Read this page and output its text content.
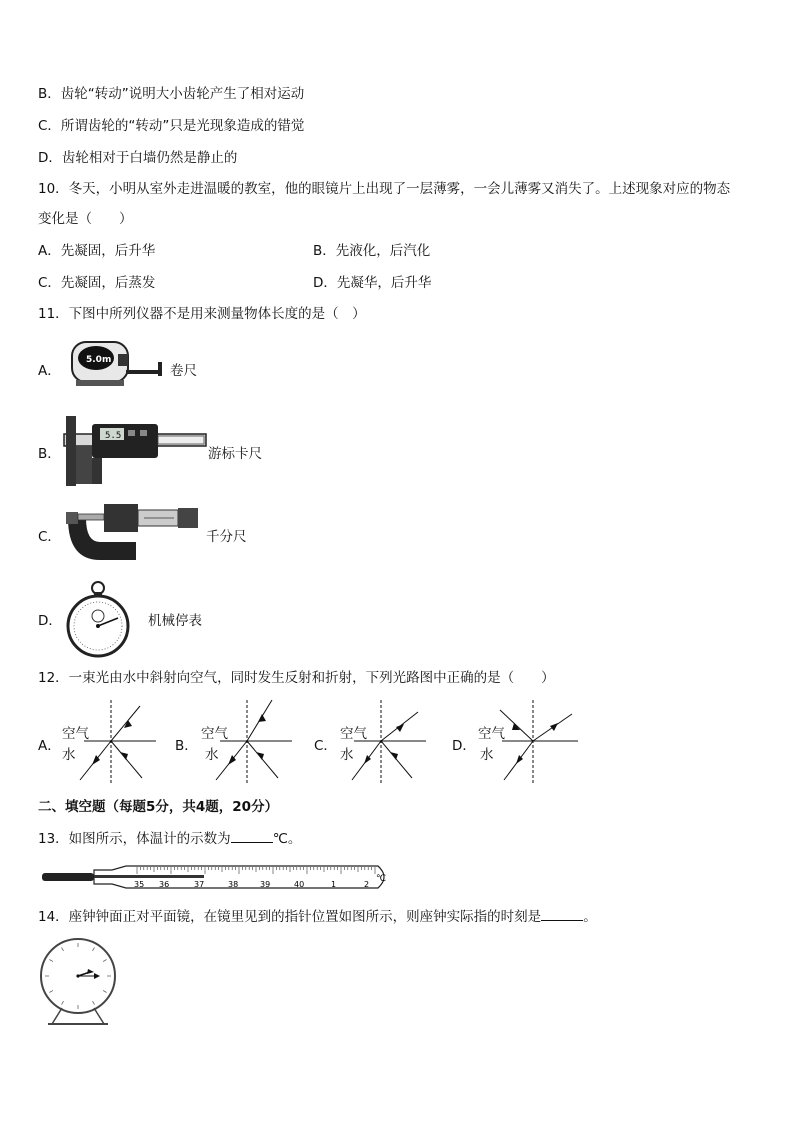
B．齿轮“转动”说明大小齿轮产生了相对运动
C．所谓齿轮的“转动”只是光现象造成的错觉
D．齿轮相对于白墙仍然是静止的
10．冬天，小明从室外走进温暖的教室，他的眼镜片上出现了一层薄雾，一会儿薄雾又消失了。上述现象对应的物态
变化是（　　）
A．先凝固，后升华	B．先液化，后汽化
C．先凝固，后蒸发	D．先凝华，后升华
11．下图中所列仪器不是用来测量物体长度的是（　）
A．
5.0m
卷尺
B．
5.5
游标卡尺
C．	千分尺
D．	机械停表
12．一束光由水中斜射向空气，同时发生反射和折射，下列光路图中正确的是（　　）
A．
空气
水
B．
空气
水
C．
空气
水
D．
空气
水
二、填空题（每题5分，共4题，20分）
13．如图所示，体温计的示数为	℃。
35 36	37	38	39	40	1	2
℃
14．座钟钟面正对平面镜，在镜里见到的指针位置如图所示，则座钟实际指的时刻是	。
